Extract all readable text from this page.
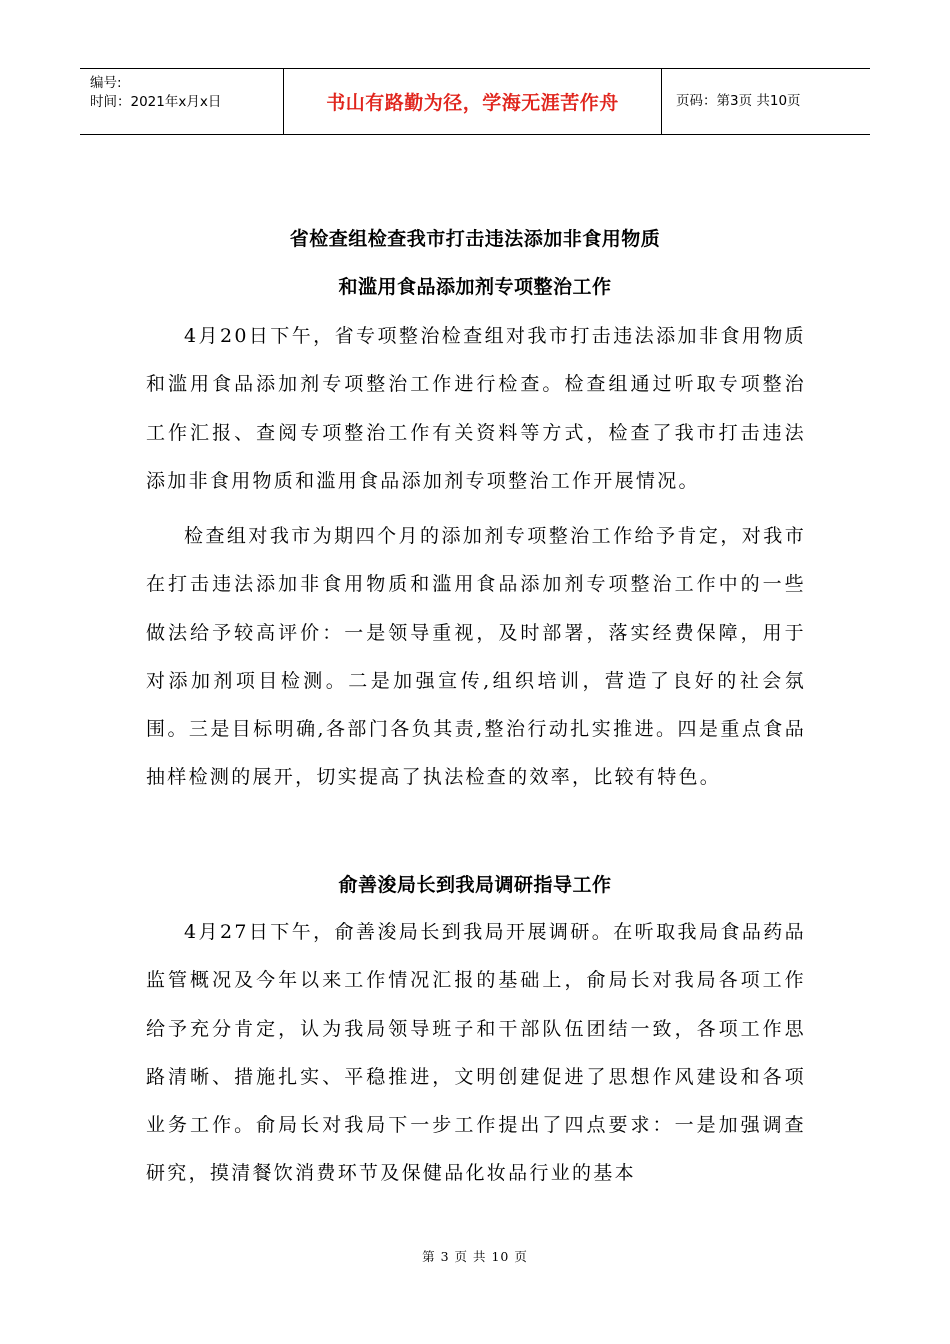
编号:
时间：2021年x月x日	书山有路勤为径，学海无涯苦作舟	页码：第3页 共10页
省检查组检查我市打击违法添加非食用物质
和滥用食品添加剂专项整治工作

4月20日下午，省专项整治检查组对我市打击违法添加非食用物质和滥用食品添加剂专项整治工作进行检查。检查组通过听取专项整治工作汇报、查阅专项整治工作有关资料等方式，检查了我市打击违法添加非食用物质和滥用食品添加剂专项整治工作开展情况。

检查组对我市为期四个月的添加剂专项整治工作给予肯定，对我市在打击违法添加非食用物质和滥用食品添加剂专项整治工作中的一些做法给予较高评价：一是领导重视，及时部署，落实经费保障，用于对添加剂项目检测。二是加强宣传,组织培训，营造了良好的社会氛围。三是目标明确,各部门各负其责,整治行动扎实推进。四是重点食品抽样检测的展开，切实提高了执法检查的效率，比较有特色。

俞善浚局长到我局调研指导工作

4月27日下午，俞善浚局长到我局开展调研。在听取我局食品药品监管概况及今年以来工作情况汇报的基础上，俞局长对我局各项工作给予充分肯定，认为我局领导班子和干部队伍团结一致，各项工作思路清晰、措施扎实、平稳推进，文明创建促进了思想作风建设和各项业务工作。俞局长对我局下一步工作提出了四点要求：一是加强调查研究，摸清餐饮消费环节及保健品化妆品行业的基本

第 3 页 共 10 页
